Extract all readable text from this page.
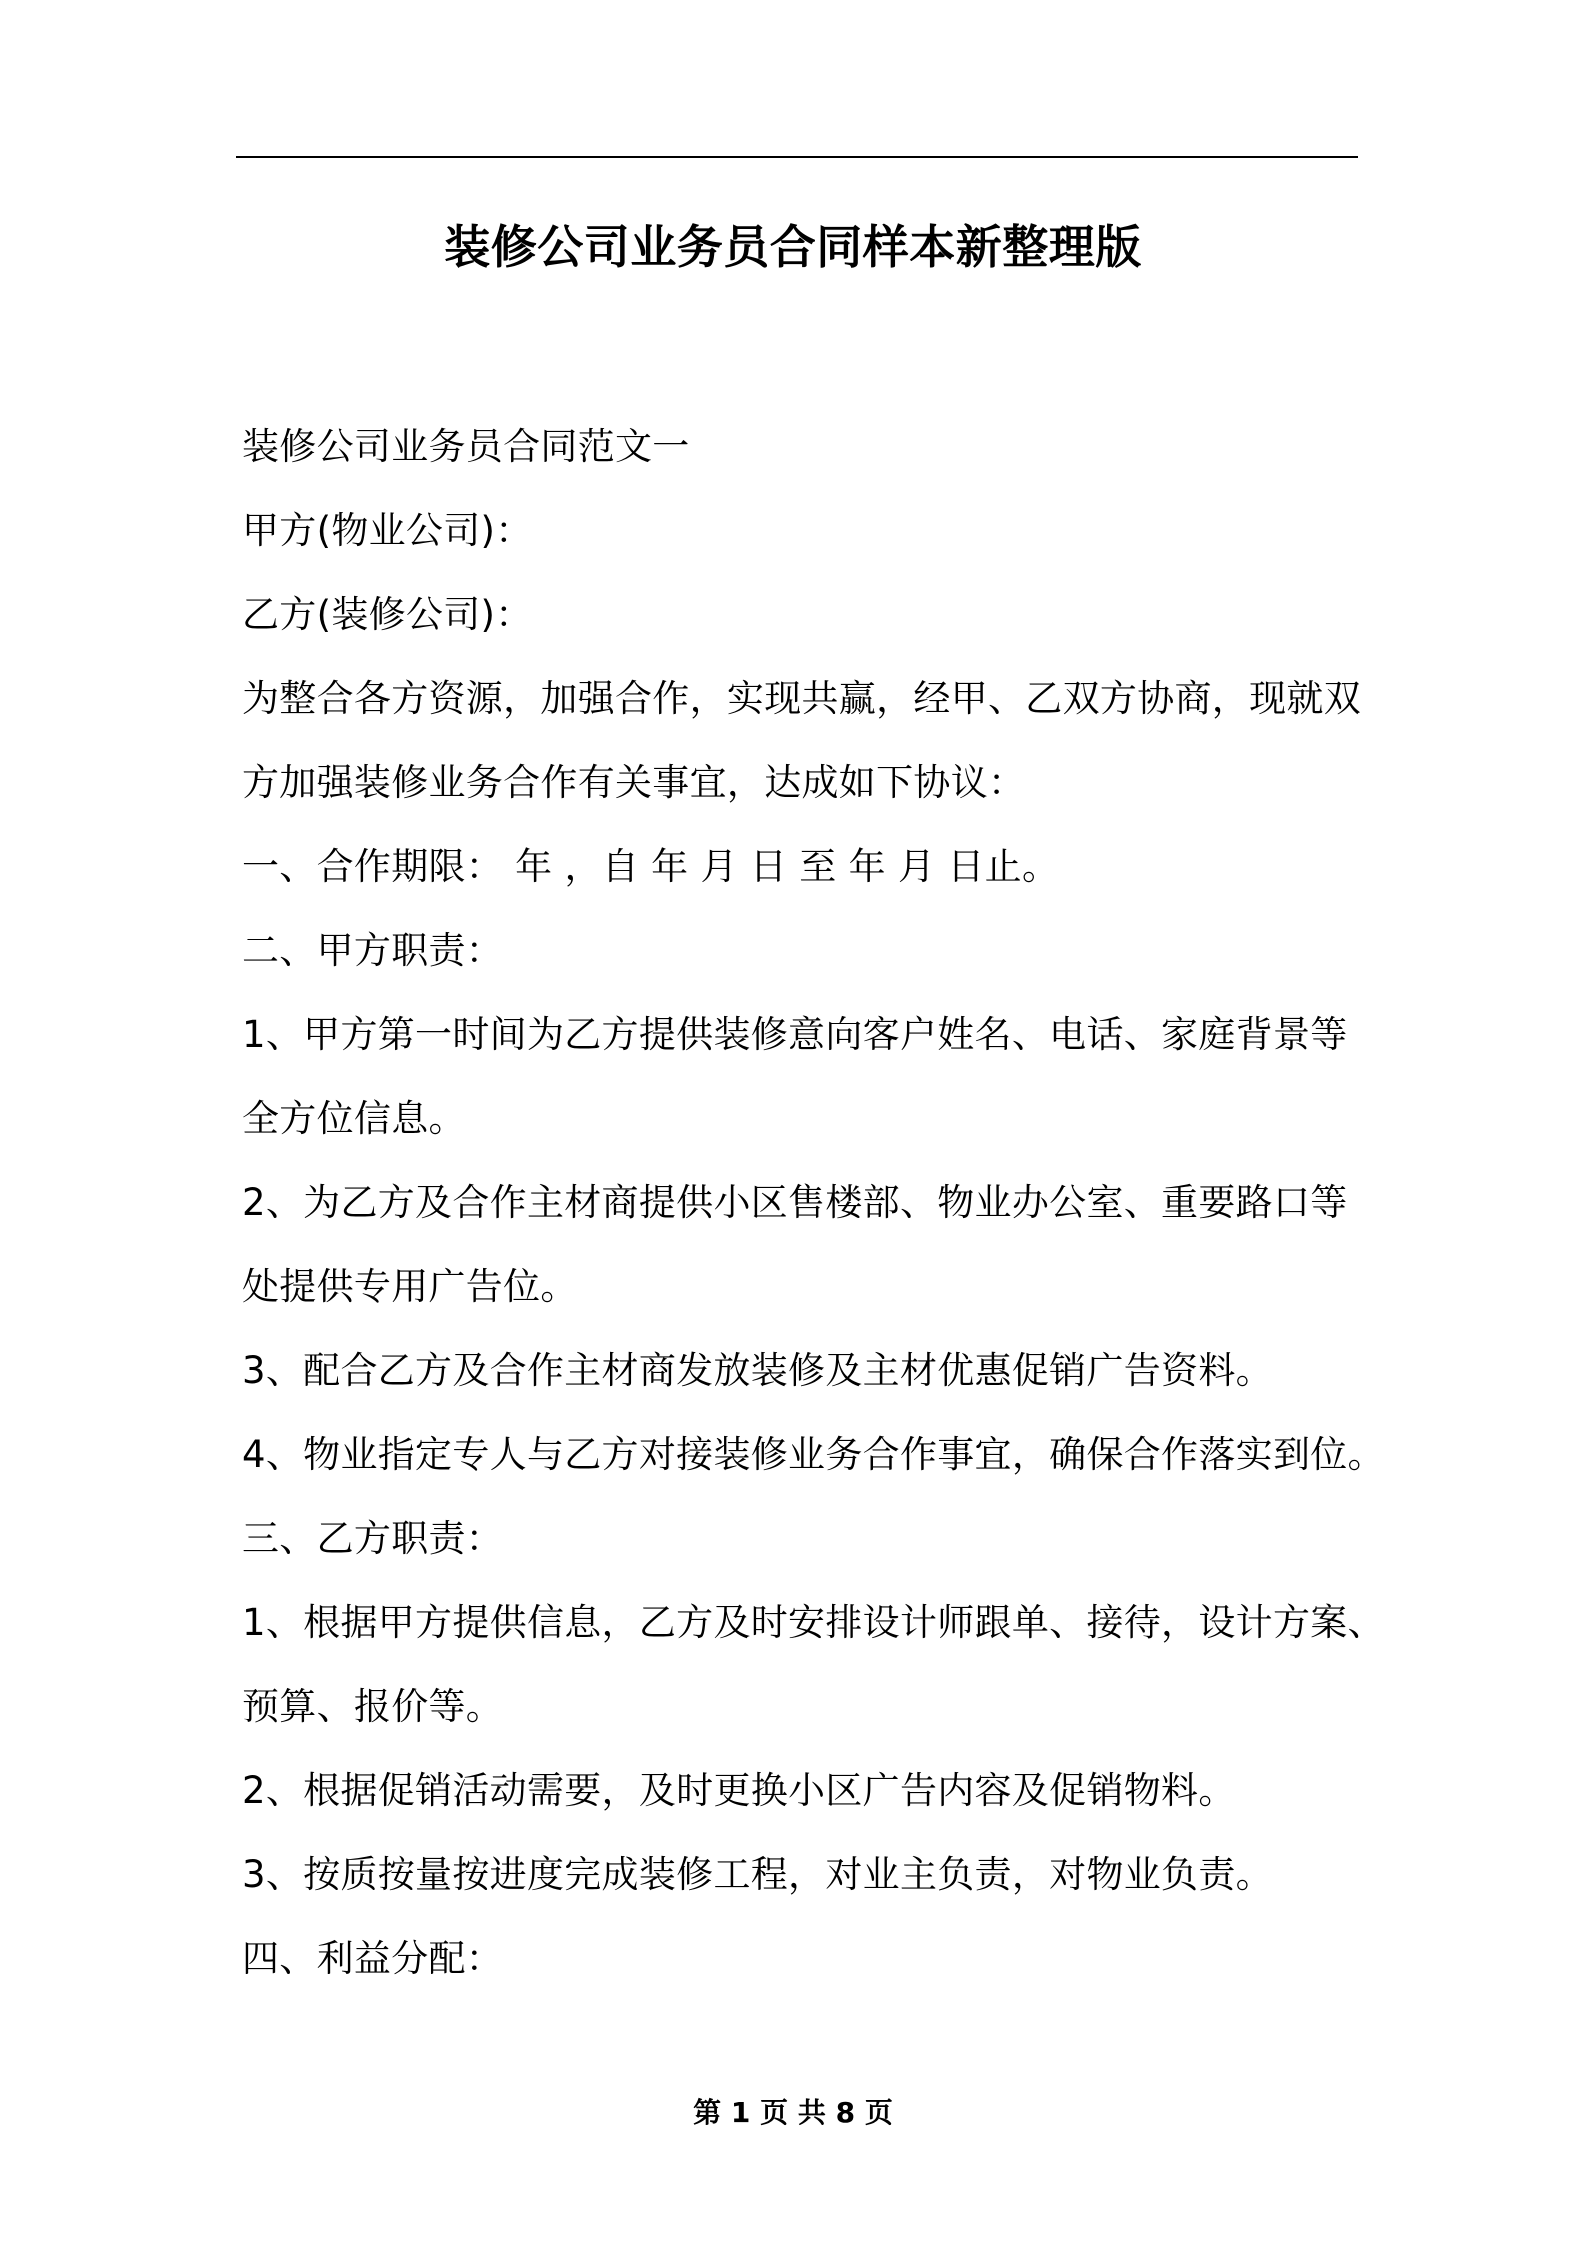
装修公司业务员合同样本新整理版
装修公司业务员合同范文一
甲方(物业公司)：
乙方(装修公司)：
为整合各方资源，加强合作，实现共赢，经甲、乙双方协商，现就双
方加强装修业务合作有关事宜，达成如下协议：
一、合作期限： 年 ，自 年 月 日 至 年 月 日止。
二、甲方职责：
1、甲方第一时间为乙方提供装修意向客户姓名、电话、家庭背景等
全方位信息。
2、为乙方及合作主材商提供小区售楼部、物业办公室、重要路口等
处提供专用广告位。
3、配合乙方及合作主材商发放装修及主材优惠促销广告资料。
4、物业指定专人与乙方对接装修业务合作事宜，确保合作落实到位。
三、乙方职责：
1、根据甲方提供信息，乙方及时安排设计师跟单、接待，设计方案、
预算、报价等。
2、根据促销活动需要，及时更换小区广告内容及促销物料。
3、按质按量按进度完成装修工程，对业主负责，对物业负责。
四、利益分配：
第 1 页 共 8 页
